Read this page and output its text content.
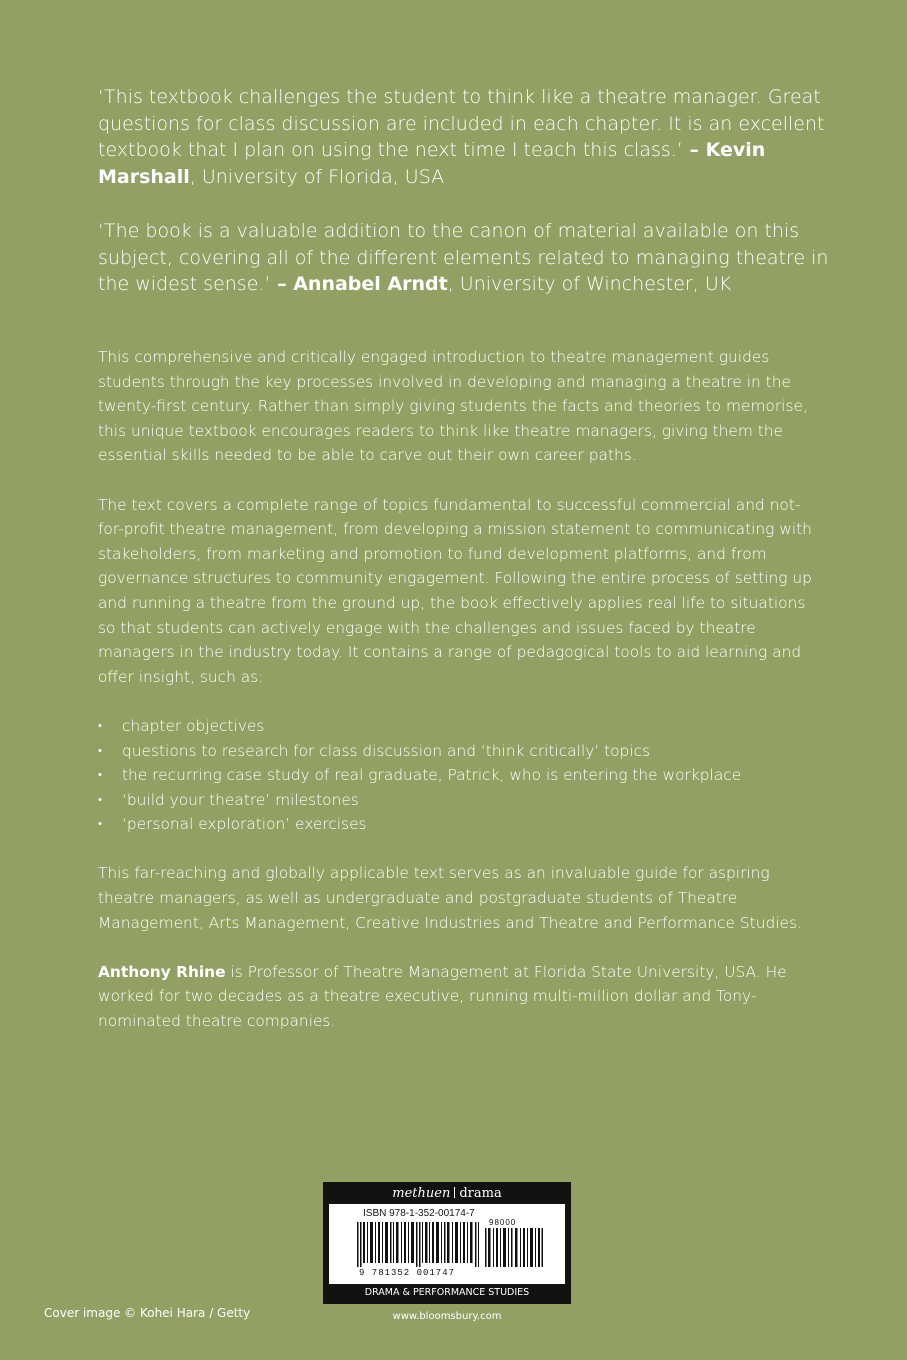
‘This textbook challenges the student to think like a theatre manager. Great questions for class discussion are included in each chapter. It is an excellent textbook that I plan on using the next time I teach this class.’ – Kevin Marshall, University of Florida, USA

‘The book is a valuable addition to the canon of material available on this subject, covering all of the different elements related to managing theatre in the widest sense.’ – Annabel Arndt, University of Winchester, UK

This comprehensive and critically engaged introduction to theatre management guides students through the key processes involved in developing and managing a theatre in the twenty-first century. Rather than simply giving students the facts and theories to memorise, this unique textbook encourages readers to think like theatre managers, giving them the essential skills needed to be able to carve out their own career paths.

The text covers a complete range of topics fundamental to successful commercial and not-for-profit theatre management, from developing a mission statement to communicating with stakeholders, from marketing and promotion to fund development platforms, and from governance structures to community engagement. Following the entire process of setting up and running a theatre from the ground up, the book effectively applies real life to situations so that students can actively engage with the challenges and issues faced by theatre managers in the industry today. It contains a range of pedagogical tools to aid learning and offer insight, such as:

•	chapter objectives
•	questions to research for class discussion and ‘think critically’ topics
•	the recurring case study of real graduate, Patrick, who is entering the workplace
•	‘build your theatre’ milestones
•	‘personal exploration’ exercises

This far-reaching and globally applicable text serves as an invaluable guide for aspiring theatre managers, as well as undergraduate and postgraduate students of Theatre Management, Arts Management, Creative Industries and Theatre and Performance Studies.

Anthony Rhine is Professor of Theatre Management at Florida State University, USA. He worked for two decades as a theatre executive, running multi-million dollar and Tony-nominated theatre companies.

methuen drama
ISBN 978-1-352-00174-7
98000
9 781352 001747
DRAMA & PERFORMANCE STUDIES
www.bloomsbury.com
Cover image © Kohei Hara / Getty
